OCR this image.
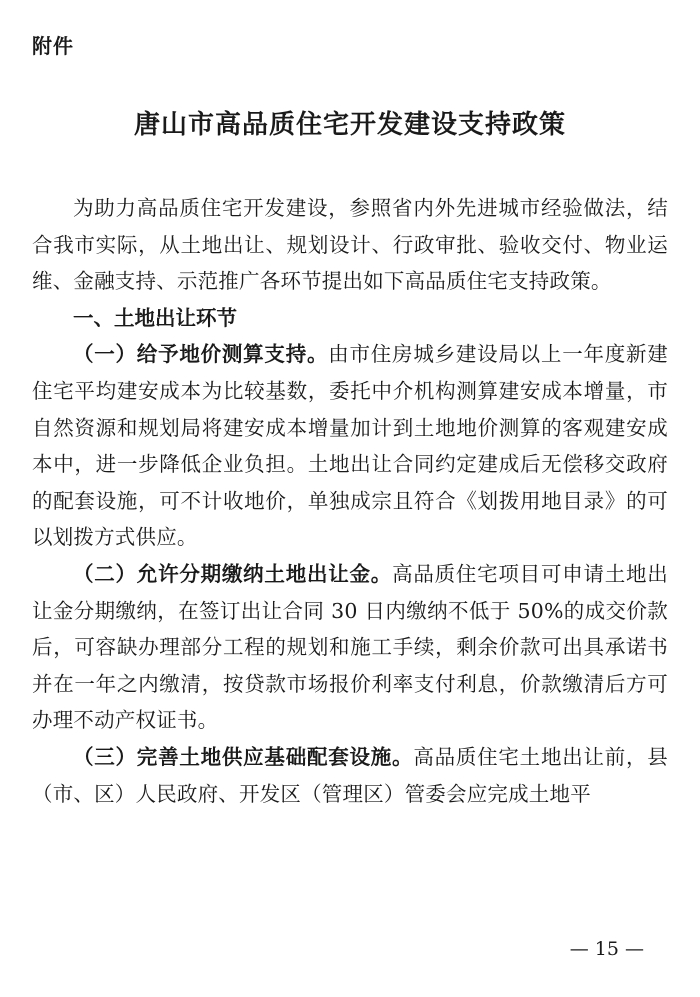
附件

唐山市高品质住宅开发建设支持政策

为助力高品质住宅开发建设，参照省内外先进城市经验做法，结合我市实际，从土地出让、规划设计、行政审批、验收交付、物业运维、金融支持、示范推广各环节提出如下高品质住宅支持政策。

一、土地出让环节

（一）给予地价测算支持。由市住房城乡建设局以上一年度新建住宅平均建安成本为比较基数，委托中介机构测算建安成本增量，市自然资源和规划局将建安成本增量加计到土地地价测算的客观建安成本中，进一步降低企业负担。土地出让合同约定建成后无偿移交政府的配套设施，可不计收地价，单独成宗且符合《划拨用地目录》的可以划拨方式供应。

（二）允许分期缴纳土地出让金。高品质住宅项目可申请土地出让金分期缴纳，在签订出让合同 30 日内缴纳不低于 50%的成交价款后，可容缺办理部分工程的规划和施工手续，剩余价款可出具承诺书并在一年之内缴清，按贷款市场报价利率支付利息，价款缴清后方可办理不动产权证书。

（三）完善土地供应基础配套设施。高品质住宅土地出让前，县（市、区）人民政府、开发区（管理区）管委会应完成土地平

— 15 —
